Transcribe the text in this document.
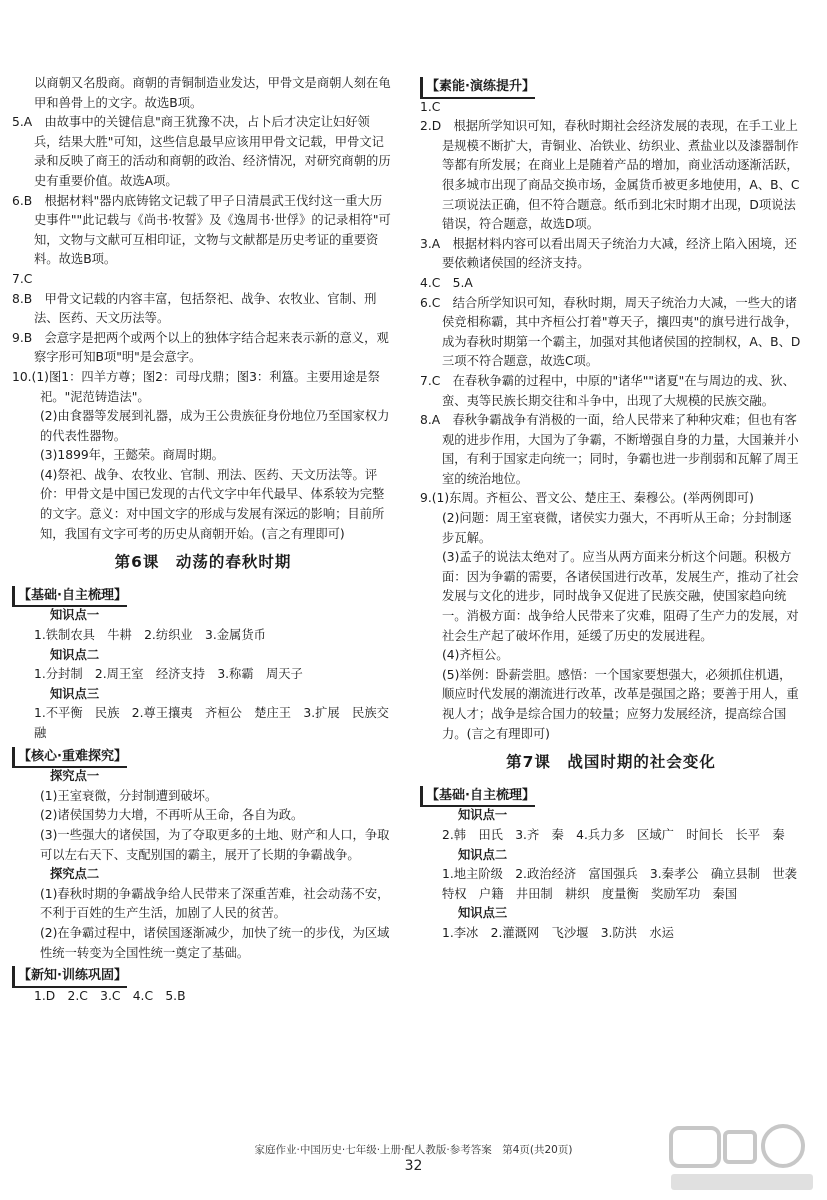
以商朝又名殷商。商朝的青铜制造业发达，甲骨文是商朝人刻在龟甲和兽骨上的文字。故选B项。

5.A　由故事中的关键信息"商王犹豫不决，占卜后才决定让妇好领兵，结果大胜"可知，这些信息最早应该用甲骨文记载，甲骨文记录和反映了商王的活动和商朝的政治、经济情况，对研究商朝的历史有重要价值。故选A项。

6.B　根据材料"器内底铸铭文记载了甲子日清晨武王伐纣这一重大历史事件""此记载与《尚书·牧誓》及《逸周书·世俘》的记录相符"可知，文物与文献可互相印证，文物与文献都是历史考证的重要资料。故选B项。

7.C

8.B　甲骨文记载的内容丰富，包括祭祀、战争、农牧业、官制、刑法、医药、天文历法等。

9.B　会意字是把两个或两个以上的独体字结合起来表示新的意义，观察字形可知B项"明"是会意字。

10.(1)图1：四羊方尊；图2：司母戊鼎；图3：利簋。主要用途是祭祀。"泥范铸造法"。

(2)由食器等发展到礼器，成为王公贵族征身份地位乃至国家权力的代表性器物。

(3)1899年，王懿荣。商周时期。

(4)祭祀、战争、农牧业、官制、刑法、医药、天文历法等。评价：甲骨文是中国已发现的古代文字中年代最早、体系较为完整的文字。意义：对中国文字的形成与发展有深远的影响；目前所知，我国有文字可考的历史从商朝开始。(言之有理即可)

第6课　动荡的春秋时期
【基础·自主梳理】

知识点一

1.铁制农具　牛耕　2.纺织业　3.金属货币

知识点二

1.分封制　2.周王室　经济支持　3.称霸　周天子

知识点三

1.不平衡　民族　2.尊王攘夷　齐桓公　楚庄王　3.扩展　民族交融

【核心·重难探究】

探究点一

(1)王室衰微，分封制遭到破坏。

(2)诸侯国势力大增，不再听从王命，各自为政。

(3)一些强大的诸侯国，为了夺取更多的土地、财产和人口，争取可以左右天下、支配别国的霸主，展开了长期的争霸战争。

探究点二

(1)春秋时期的争霸战争给人民带来了深重苦难，社会动荡不安，不利于百姓的生产生活，加剧了人民的贫苦。

(2)在争霸过程中，诸侯国逐渐减少，加快了统一的步伐，为区域性统一转变为全国性统一奠定了基础。

【新知·训练巩固】

1.D　2.C　3.C　4.C　5.B

【素能·演练提升】

1.C

2.D　根据所学知识可知，春秋时期社会经济发展的表现，在手工业上是规模不断扩大，青铜业、冶铁业、纺织业、煮盐业以及漆器制作等都有所发展；在商业上是随着产品的增加，商业活动逐渐活跃，很多城市出现了商品交换市场，金属货币被更多地使用，A、B、C三项说法正确，但不符合题意。纸币到北宋时期才出现，D项说法错误，符合题意，故选D项。

3.A　根据材料内容可以看出周天子统治力大减，经济上陷入困境，还要依赖诸侯国的经济支持。

4.C　5.A

6.C　结合所学知识可知，春秋时期，周天子统治力大减，一些大的诸侯竞相称霸，其中齐桓公打着"尊天子，攘四夷"的旗号进行战争，成为春秋时期第一个霸主，加强对其他诸侯国的控制权，A、B、D三项不符合题意，故选C项。

7.C　在春秋争霸的过程中，中原的"诸华""诸夏"在与周边的戎、狄、蛮、夷等民族长期交往和斗争中，出现了大规模的民族交融。

8.A　春秋争霸战争有消极的一面，给人民带来了种种灾难；但也有客观的进步作用，大国为了争霸，不断增强自身的力量，大国兼并小国，有利于国家走向统一；同时，争霸也进一步削弱和瓦解了周王室的统治地位。

9.(1)东周。齐桓公、晋文公、楚庄王、秦穆公。(举两例即可)

(2)问题：周王室衰微，诸侯实力强大，不再听从王命；分封制逐步瓦解。

(3)孟子的说法太绝对了。应当从两方面来分析这个问题。积极方面：因为争霸的需要，各诸侯国进行改革，发展生产，推动了社会发展与文化的进步，同时战争又促进了民族交融，使国家趋向统一。消极方面：战争给人民带来了灾难，阻碍了生产力的发展，对社会生产起了破坏作用，延缓了历史的发展进程。

(4)齐桓公。

(5)举例：卧薪尝胆。感悟：一个国家要想强大，必须抓住机遇，顺应时代发展的潮流进行改革，改革是强国之路；要善于用人，重视人才；战争是综合国力的较量；应努力发展经济，提高综合国力。(言之有理即可)

第7课　战国时期的社会变化
【基础·自主梳理】

知识点一

2.韩　田氏　3.齐　秦　4.兵力多　区域广　时间长　长平　秦

知识点二

1.地主阶级　2.政治经济　富国强兵　3.秦孝公　确立县制　世袭特权　户籍　井田制　耕织　度量衡　奖励军功　秦国

知识点三

1.李冰　2.灌溉网　飞沙堰　3.防洪　水运

家庭作业·中国历史·七年级·上册·配人教版·参考答案　第4页(共20页)
32
